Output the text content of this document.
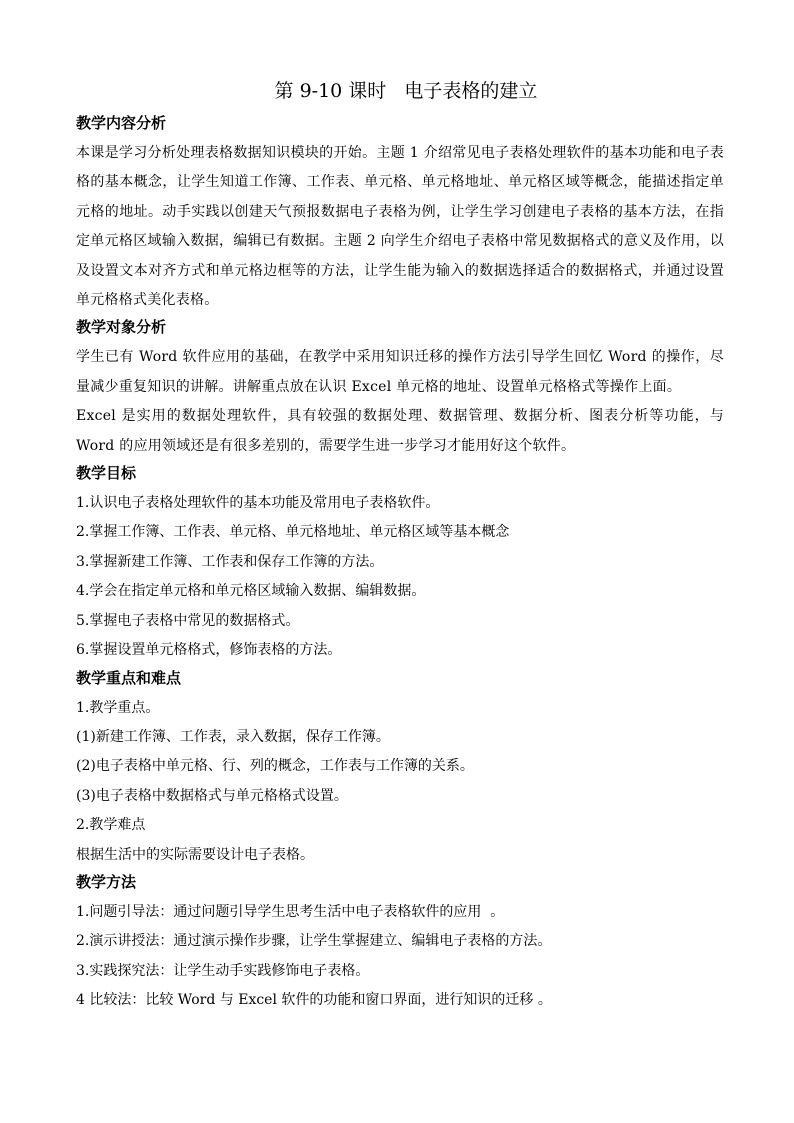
第 9-10 课时   电子表格的建立
教学内容分析

本课是学习分析处理表格数据知识模块的开始。主题 1 介绍常见电子表格处理软件的基本功能和电子表格的基本概念，让学生知道工作簿、工作表、单元格、单元格地址、单元格区域等概念，能描述指定单元格的地址。动手实践以创建天气预报数据电子表格为例，让学生学习创建电子表格的基本方法，在指定单元格区域输入数据，编辑已有数据。主题 2 向学生介绍电子表格中常见数据格式的意义及作用，以及设置文本对齐方式和单元格边框等的方法，让学生能为输入的数据选择适合的数据格式，并通过设置单元格格式美化表格。

教学对象分析

学生已有 Word 软件应用的基础，在教学中采用知识迁移的操作方法引导学生回忆 Word 的操作，尽量减少重复知识的讲解。讲解重点放在认识 Excel 单元格的地址、设置单元格格式等操作上面。

Excel 是实用的数据处理软件，具有较强的数据处理、数据管理、数据分析、图表分析等功能，与 Word 的应用领域还是有很多差别的，需要学生进一步学习才能用好这个软件。

教学目标

1.认识电子表格处理软件的基本功能及常用电子表格软件。

2.掌握工作簿、工作表、单元格、单元格地址、单元格区域等基本概念

3.掌握新建工作簿、工作表和保存工作簿的方法。

4.学会在指定单元格和单元格区域输入数据、编辑数据。

5.掌握电子表格中常见的数据格式。

6.掌握设置单元格格式，修饰表格的方法。

教学重点和难点

1.教学重点。

(1)新建工作簿、工作表，录入数据，保存工作簿。

(2)电子表格中单元格、行、列的概念，工作表与工作簿的关系。

(3)电子表格中数据格式与单元格格式设置。

2.教学难点

根据生活中的实际需要设计电子表格。

教学方法

1.问题引导法：通过问题引导学生思考生活中电子表格软件的应用  。

2.演示讲授法：通过演示操作步骤，让学生掌握建立、编辑电子表格的方法。

3.实践探究法：让学生动手实践修饰电子表格。

4 比较法：比较 Word 与 Excel 软件的功能和窗口界面，进行知识的迁移 。
